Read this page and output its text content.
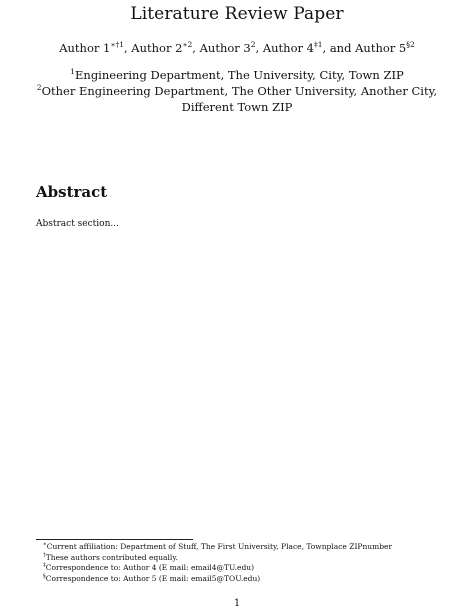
Literature Review Paper
Author $1^{∗\dagger 1}$, Author $2^{∗2}$, Author $3^2$, Author 4$^{\ddagger 1}$, and Author 5$^{\S 2}$
$^1$Engineering Department, The University, City, Town ZIP
$^2$Other Engineering Department, The Other University, Another City, Different Town ZIP
Abstract
Abstract section...
∗Current affiliation: Department of Stuff, The First University, Place, Townplace ZIPnumber
†These authors contributed equally.
‡Correspondence to: Author 4 (E mail: email4@TU.edu)
§Correspondence to: Author 5 (E mail: email5@TOU.edu)
1
